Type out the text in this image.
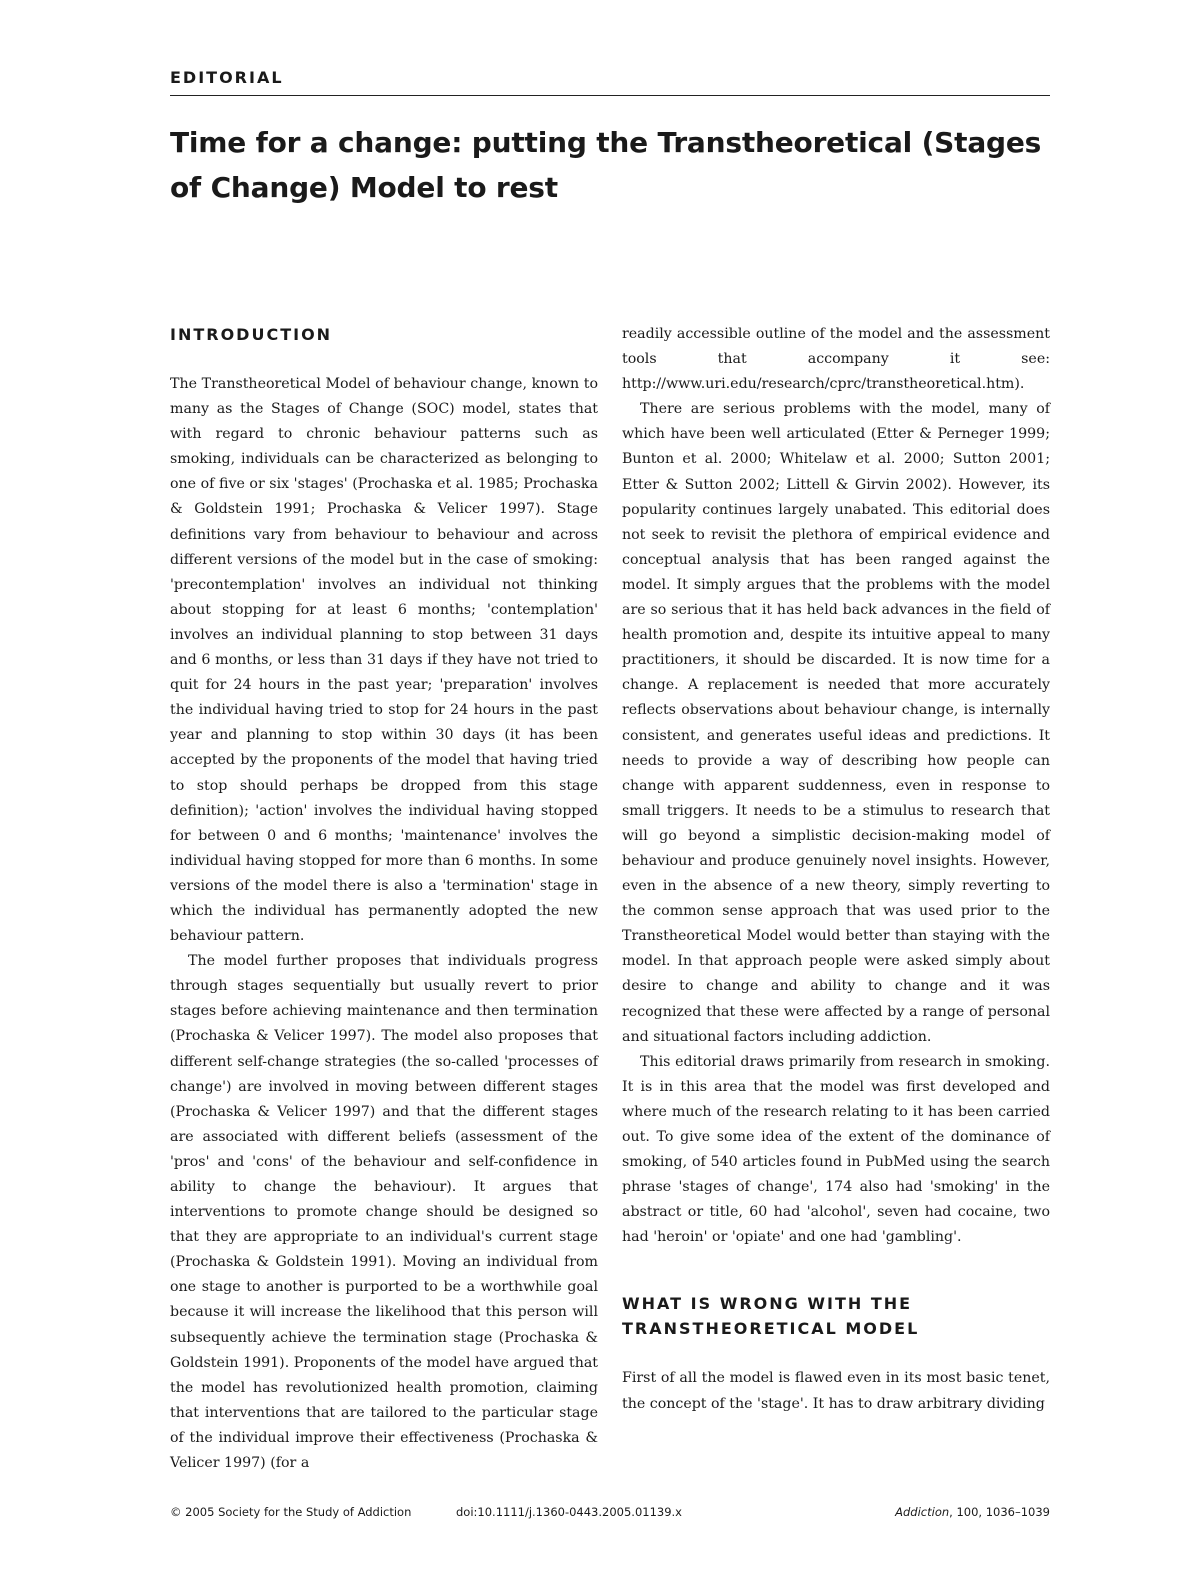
EDITORIAL
Time for a change: putting the Transtheoretical (Stages of Change) Model to rest
INTRODUCTION

The Transtheoretical Model of behaviour change, known to many as the Stages of Change (SOC) model, states that with regard to chronic behaviour patterns such as smoking, individuals can be characterized as belonging to one of five or six 'stages' (Prochaska et al. 1985; Prochaska & Goldstein 1991; Prochaska & Velicer 1997). Stage definitions vary from behaviour to behaviour and across different versions of the model but in the case of smoking: 'precontemplation' involves an individual not thinking about stopping for at least 6 months; 'contemplation' involves an individual planning to stop between 31 days and 6 months, or less than 31 days if they have not tried to quit for 24 hours in the past year; 'preparation' involves the individual having tried to stop for 24 hours in the past year and planning to stop within 30 days (it has been accepted by the proponents of the model that having tried to stop should perhaps be dropped from this stage definition); 'action' involves the individual having stopped for between 0 and 6 months; 'maintenance' involves the individual having stopped for more than 6 months. In some versions of the model there is also a 'termination' stage in which the individual has permanently adopted the new behaviour pattern.

The model further proposes that individuals progress through stages sequentially but usually revert to prior stages before achieving maintenance and then termination (Prochaska & Velicer 1997). The model also proposes that different self-change strategies (the so-called 'processes of change') are involved in moving between different stages (Prochaska & Velicer 1997) and that the different stages are associated with different beliefs (assessment of the 'pros' and 'cons' of the behaviour and self-confidence in ability to change the behaviour). It argues that interventions to promote change should be designed so that they are appropriate to an individual's current stage (Prochaska & Goldstein 1991). Moving an individual from one stage to another is purported to be a worthwhile goal because it will increase the likelihood that this person will subsequently achieve the termination stage (Prochaska & Goldstein 1991). Proponents of the model have argued that the model has revolutionized health promotion, claiming that interventions that are tailored to the particular stage of the individual improve their effectiveness (Prochaska & Velicer 1997) (for a

readily accessible outline of the model and the assessment tools that accompany it see: http://www.uri.edu/research/cprc/transtheoretical.htm).

There are serious problems with the model, many of which have been well articulated (Etter & Perneger 1999; Bunton et al. 2000; Whitelaw et al. 2000; Sutton 2001; Etter & Sutton 2002; Littell & Girvin 2002). However, its popularity continues largely unabated. This editorial does not seek to revisit the plethora of empirical evidence and conceptual analysis that has been ranged against the model. It simply argues that the problems with the model are so serious that it has held back advances in the field of health promotion and, despite its intuitive appeal to many practitioners, it should be discarded. It is now time for a change. A replacement is needed that more accurately reflects observations about behaviour change, is internally consistent, and generates useful ideas and predictions. It needs to provide a way of describing how people can change with apparent suddenness, even in response to small triggers. It needs to be a stimulus to research that will go beyond a simplistic decision-making model of behaviour and produce genuinely novel insights. However, even in the absence of a new theory, simply reverting to the common sense approach that was used prior to the Transtheoretical Model would better than staying with the model. In that approach people were asked simply about desire to change and ability to change and it was recognized that these were affected by a range of personal and situational factors including addiction.

This editorial draws primarily from research in smoking. It is in this area that the model was first developed and where much of the research relating to it has been carried out. To give some idea of the extent of the dominance of smoking, of 540 articles found in PubMed using the search phrase 'stages of change', 174 also had 'smoking' in the abstract or title, 60 had 'alcohol', seven had cocaine, two had 'heroin' or 'opiate' and one had 'gambling'.

WHAT IS WRONG WITH THE TRANSTHEORETICAL MODEL

First of all the model is flawed even in its most basic tenet, the concept of the 'stage'. It has to draw arbitrary dividing

© 2005 Society for the Study of Addiction	doi:10.1111/j.1360-0443.2005.01139.x	Addiction, 100, 1036–1039
